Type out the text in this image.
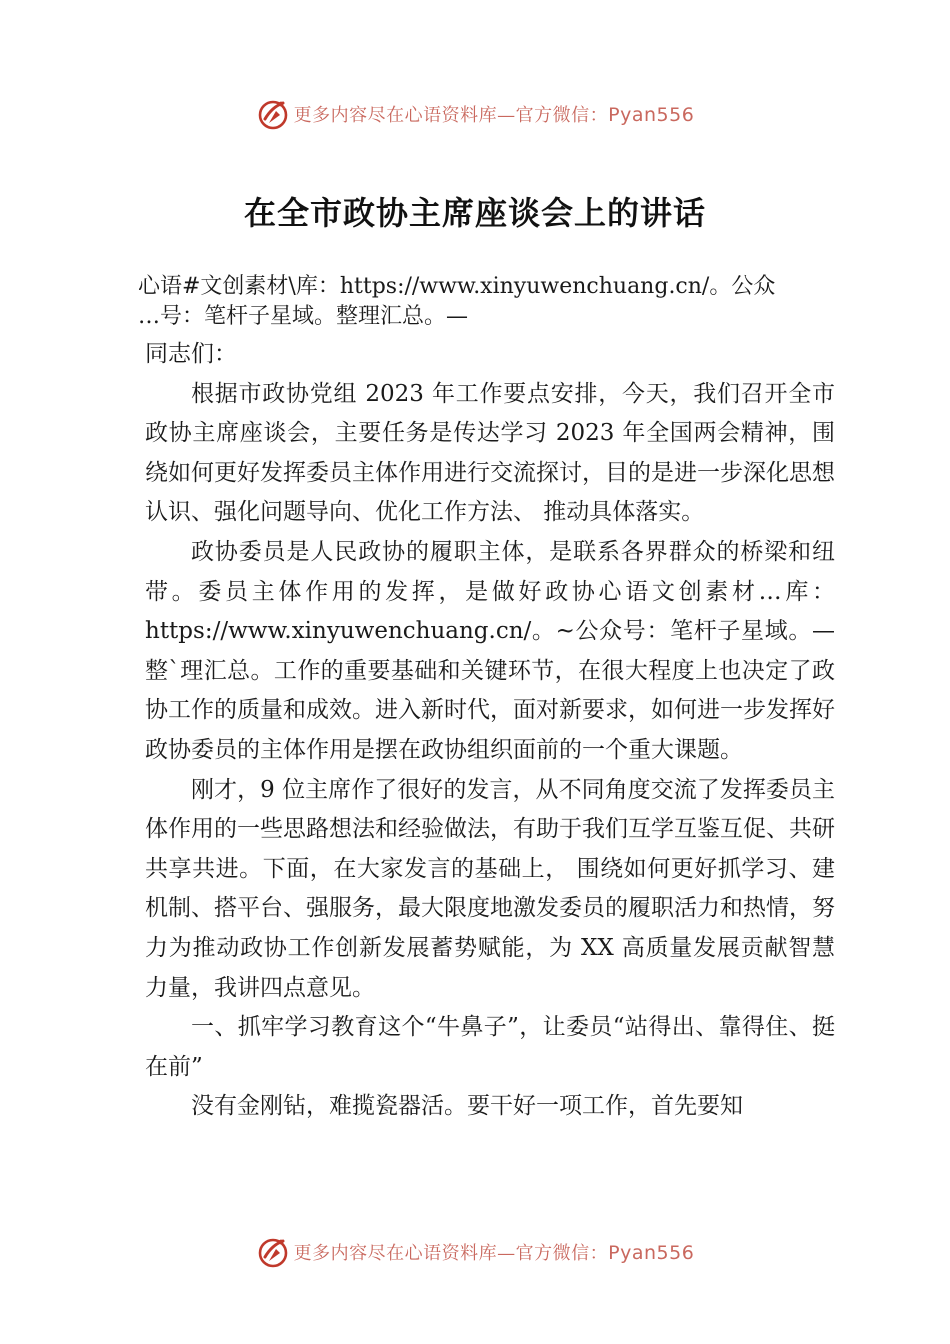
更多内容尽在心语资料库—官方微信：Pyan556
在全市政协主席座谈会上的讲话
心语#文创素材\库：https://www.xinyuwenchuang.cn/。公众
…号：笔杆子星域。整理汇总。—

同志们：

根据市政协党组 2023 年工作要点安排，今天，我们召开全市政协主席座谈会，主要任务是传达学习 2023 年全国两会精神，围绕如何更好发挥委员主体作用进行交流探讨，目的是进一步深化思想认识、强化问题导向、优化工作方法、 推动具体落实。

政协委员是人民政协的履职主体，是联系各界群众的桥梁和纽带。委员主体作用的发挥，是做好政协心语文创素材…库：https://www.xinyuwenchuang.cn/。~公众号：笔杆子星域。—整`理汇总。工作的重要基础和关键环节，在很大程度上也决定了政协工作的质量和成效。进入新时代，面对新要求，如何进一步发挥好政协委员的主体作用是摆在政协组织面前的一个重大课题。

刚才，9 位主席作了很好的发言，从不同角度交流了发挥委员主体作用的一些思路想法和经验做法，有助于我们互学互鉴互促、共研共享共进。下面，在大家发言的基础上， 围绕如何更好抓学习、建机制、搭平台、强服务，最大限度地激发委员的履职活力和热情，努力为推动政协工作创新发展蓄势赋能，为 XX 高质量发展贡献智慧力量，我讲四点意见。

一、抓牢学习教育这个“牛鼻子”，让委员“站得出、靠得住、挺在前”

没有金刚钻，难揽瓷器活。要干好一项工作，首先要知

更多内容尽在心语资料库—官方微信：Pyan556
